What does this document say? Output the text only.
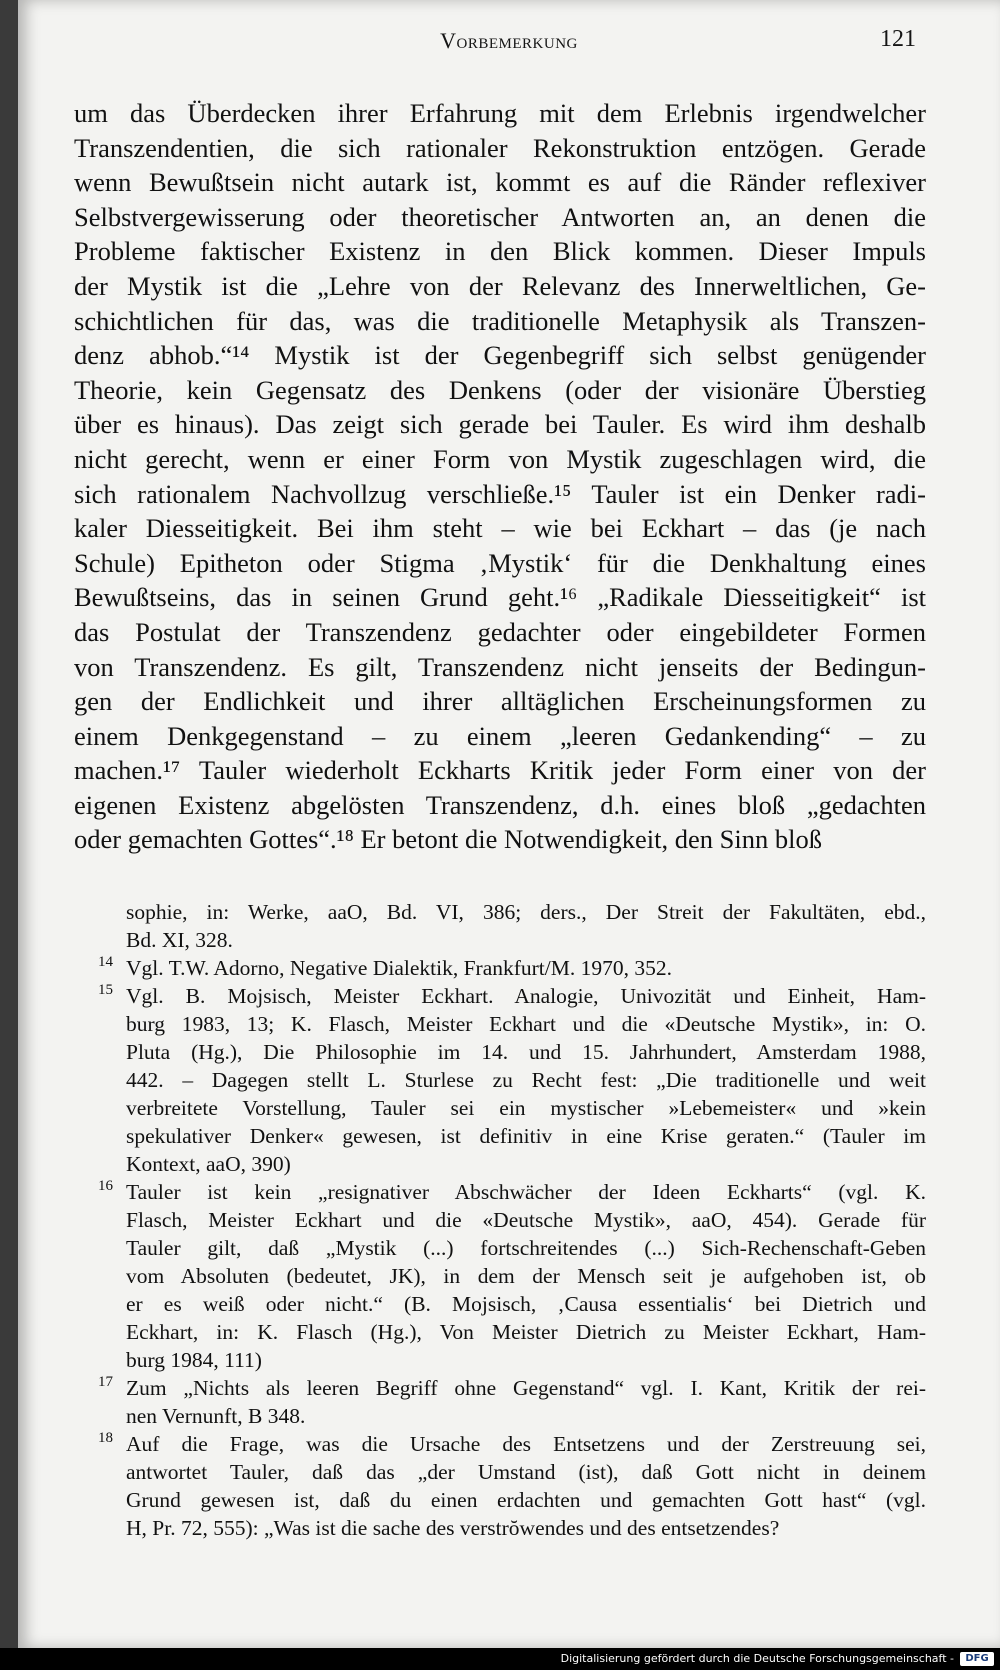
Vorbemerkung	121
um das Überdecken ihrer Erfahrung mit dem Erlebnis irgendwelcher
Transzendentien, die sich rationaler Rekonstruktion entzögen. Gerade
wenn Bewußtsein nicht autark ist, kommt es auf die Ränder reflexiver
Selbstvergewisserung oder theoretischer Antworten an, an denen die
Probleme faktischer Existenz in den Blick kommen. Dieser Impuls
der Mystik ist die „Lehre von der Relevanz des Innerweltlichen, Ge-
schichtlichen für das, was die traditionelle Metaphysik als Transzen-
denz abhob.“¹⁴ Mystik ist der Gegenbegriff sich selbst genügender
Theorie, kein Gegensatz des Denkens (oder der visionäre Überstieg
über es hinaus). Das zeigt sich gerade bei Tauler. Es wird ihm deshalb
nicht gerecht, wenn er einer Form von Mystik zugeschlagen wird, die
sich rationalem Nachvollzug verschließe.¹⁵ Tauler ist ein Denker radi-
kaler Diesseitigkeit. Bei ihm steht – wie bei Eckhart – das (je nach
Schule) Epitheton oder Stigma ‚Mystik‘ für die Denkhaltung eines
Bewußtseins, das in seinen Grund geht.¹⁶ „Radikale Diesseitigkeit“ ist
das Postulat der Transzendenz gedachter oder eingebildeter Formen
von Transzendenz. Es gilt, Transzendenz nicht jenseits der Bedingun-
gen der Endlichkeit und ihrer alltäglichen Erscheinungsformen zu
einem Denkgegenstand – zu einem „leeren Gedankending“ – zu
machen.¹⁷ Tauler wiederholt Eckharts Kritik jeder Form einer von der
eigenen Existenz abgelösten Transzendenz, d.h. eines bloß „gedachten
oder gemachten Gottes“.¹⁸ Er betont die Notwendigkeit, den Sinn bloß
sophie, in: Werke, aaO, Bd. VI, 386; ders., Der Streit der Fakultäten, ebd.,
Bd. XI, 328.
14 Vgl. T.W. Adorno, Negative Dialektik, Frankfurt/M. 1970, 352.
15 Vgl. B. Mojsisch, Meister Eckhart. Analogie, Univozität und Einheit, Ham-
burg 1983, 13; K. Flasch, Meister Eckhart und die «Deutsche Mystik», in: O.
Pluta (Hg.), Die Philosophie im 14. und 15. Jahrhundert, Amsterdam 1988,
442. – Dagegen stellt L. Sturlese zu Recht fest: „Die traditionelle und weit
verbreitete Vorstellung, Tauler sei ein mystischer »Lebemeister« und »kein
spekulativer Denker« gewesen, ist definitiv in eine Krise geraten.“ (Tauler im
Kontext, aaO, 390)
16 Tauler ist kein „resignativer Abschwächer der Ideen Eckharts“ (vgl. K.
Flasch, Meister Eckhart und die «Deutsche Mystik», aaO, 454). Gerade für
Tauler gilt, daß „Mystik (...) fortschreitendes (...) Sich-Rechenschaft-Geben
vom Absoluten (bedeutet, JK), in dem der Mensch seit je aufgehoben ist, ob
er es weiß oder nicht.“ (B. Mojsisch, ‚Causa essentialis‘ bei Dietrich und
Eckhart, in: K. Flasch (Hg.), Von Meister Dietrich zu Meister Eckhart, Ham-
burg 1984, 111)
17 Zum „Nichts als leeren Begriff ohne Gegenstand“ vgl. I. Kant, Kritik der rei-
nen Vernunft, B 348.
18 Auf die Frage, was die Ursache des Entsetzens und der Zerstreuung sei,
antwortet Tauler, daß das „der Umstand (ist), daß Gott nicht in deinem
Grund gewesen ist, daß du einen erdachten und gemachten Gott hast“ (vgl.
H, Pr. 72, 555): „Was ist die sache des verstrŏwendes und des entsetzendes?
Digitalisierung gefördert durch die Deutsche Forschungsgemeinschaft -	DFG
